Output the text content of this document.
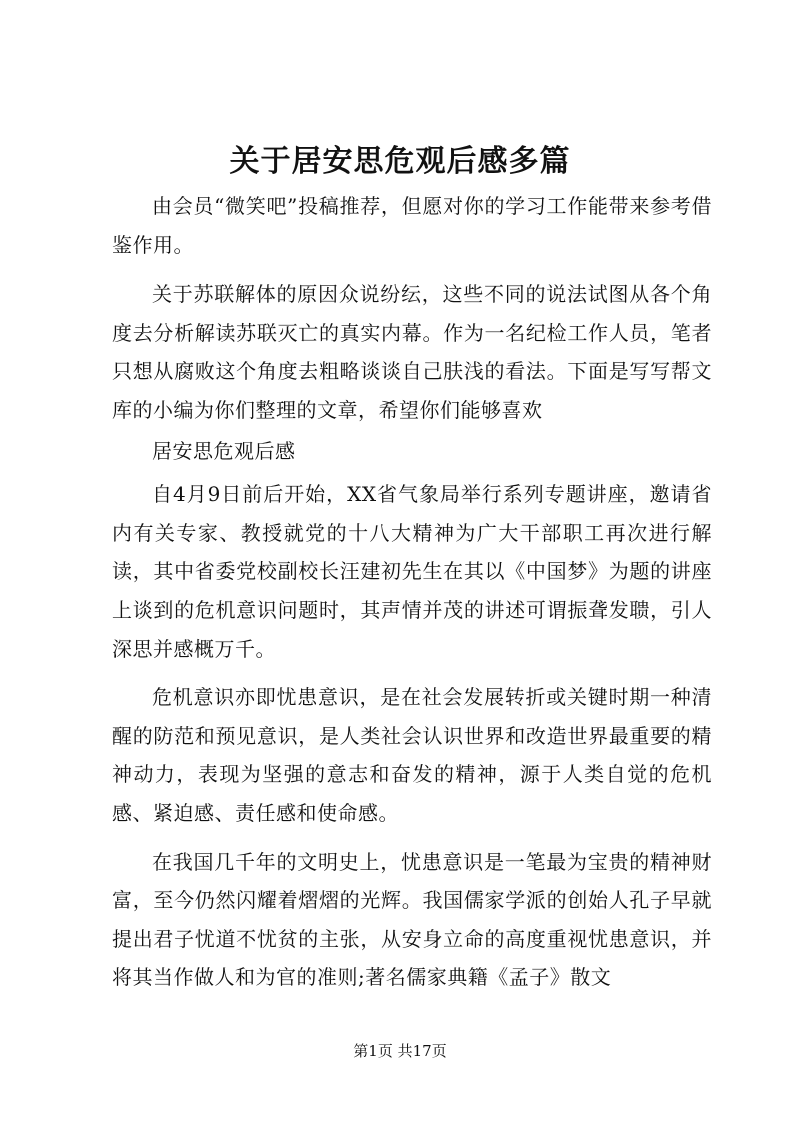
关于居安思危观后感多篇

由会员“微笑吧”投稿推荐，但愿对你的学习工作能带来参考借鉴作用。

关于苏联解体的原因众说纷纭，这些不同的说法试图从各个角度去分析解读苏联灭亡的真实内幕。作为一名纪检工作人员，笔者只想从腐败这个角度去粗略谈谈自己肤浅的看法。下面是写写帮文库的小编为你们整理的文章，希望你们能够喜欢

居安思危观后感

自4月9日前后开始，XX省气象局举行系列专题讲座，邀请省内有关专家、教授就党的十八大精神为广大干部职工再次进行解读，其中省委党校副校长汪建初先生在其以《中国梦》为题的讲座上谈到的危机意识问题时，其声情并茂的讲述可谓振聋发聩，引人深思并感概万千。

危机意识亦即忧患意识，是在社会发展转折或关键时期一种清醒的防范和预见意识，是人类社会认识世界和改造世界最重要的精神动力，表现为坚强的意志和奋发的精神，源于人类自觉的危机感、紧迫感、责任感和使命感。

在我国几千年的文明史上，忧患意识是一笔最为宝贵的精神财富，至今仍然闪耀着熠熠的光辉。我国儒家学派的创始人孔子早就提出君子忧道不忧贫的主张，从安身立命的高度重视忧患意识，并将其当作做人和为官的准则;著名儒家典籍《孟子》散文

第1页 共17页
